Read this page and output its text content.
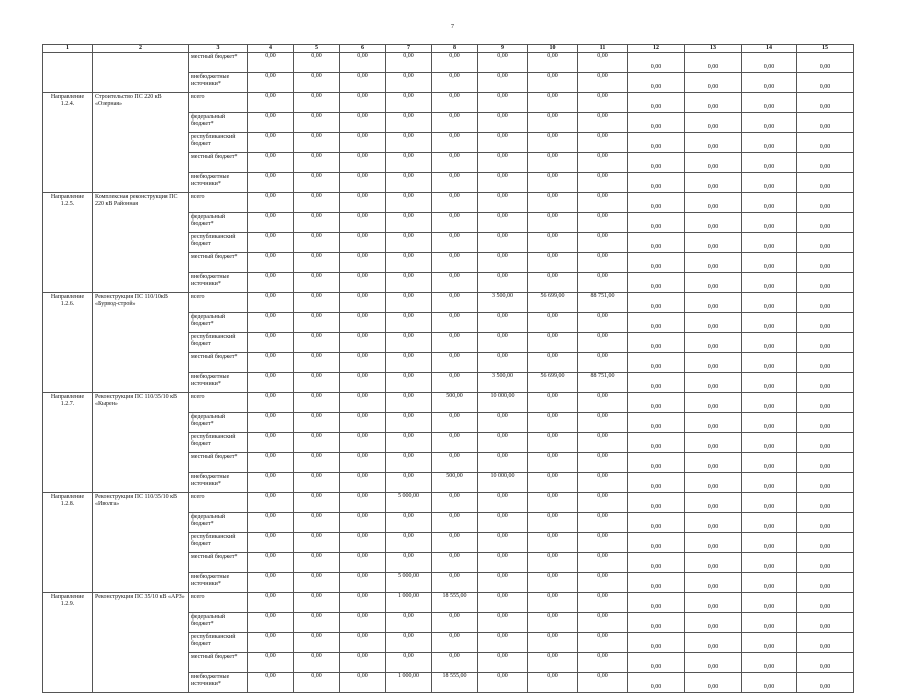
7
1	2	3	4	5	6	7	8	9	10	11	12	13	14	15
		местный бюджет*	0,00	0,00	0,00	0,00	0,00	0,00	0,00	0,00	0,00	0,00	0,00	0,00
		внебюджетные источники*	0,00	0,00	0,00	0,00	0,00	0,00	0,00	0,00	0,00	0,00	0,00	0,00
Направление 1.2.4.	Строительство ПС 220 кВ «Озерная»	всего	0,00	0,00	0,00	0,00	0,00	0,00	0,00	0,00	0,00	0,00	0,00	0,00
		федеральный бюджет*	0,00	0,00	0,00	0,00	0,00	0,00	0,00	0,00	0,00	0,00	0,00	0,00
		республиканский бюджет	0,00	0,00	0,00	0,00	0,00	0,00	0,00	0,00	0,00	0,00	0,00	0,00
		местный бюджет*	0,00	0,00	0,00	0,00	0,00	0,00	0,00	0,00	0,00	0,00	0,00	0,00
		внебюджетные источники*	0,00	0,00	0,00	0,00	0,00	0,00	0,00	0,00	0,00	0,00	0,00	0,00
Направление 1.2.5.	Комплексная реконструкция ПС 220 кВ Районная	всего	0,00	0,00	0,00	0,00	0,00	0,00	0,00	0,00	0,00	0,00	0,00	0,00
		федеральный бюджет*	0,00	0,00	0,00	0,00	0,00	0,00	0,00	0,00	0,00	0,00	0,00	0,00
		республиканский бюджет	0,00	0,00	0,00	0,00	0,00	0,00	0,00	0,00	0,00	0,00	0,00	0,00
		местный бюджет*	0,00	0,00	0,00	0,00	0,00	0,00	0,00	0,00	0,00	0,00	0,00	0,00
		внебюджетные источники*	0,00	0,00	0,00	0,00	0,00	0,00	0,00	0,00	0,00	0,00	0,00	0,00
Направление 1.2.6.	Реконструкция ПС 110/10кВ «Бурвод-строй»	всего	0,00	0,00	0,00	0,00	0,00	3 500,00	56 699,00	88 751,00	0,00	0,00	0,00	0,00
		федеральный бюджет*	0,00	0,00	0,00	0,00	0,00	0,00	0,00	0,00	0,00	0,00	0,00	0,00
		республиканский бюджет	0,00	0,00	0,00	0,00	0,00	0,00	0,00	0,00	0,00	0,00	0,00	0,00
		местный бюджет*	0,00	0,00	0,00	0,00	0,00	0,00	0,00	0,00	0,00	0,00	0,00	0,00
		внебюджетные источники*	0,00	0,00	0,00	0,00	0,00	3 500,00	56 699,00	88 751,00	0,00	0,00	0,00	0,00
Направление 1.2.7.	Реконструкция ПС 110/35/10 кВ «Кырен»	всего	0,00	0,00	0,00	0,00	500,00	10 000,00	0,00	0,00	0,00	0,00	0,00	0,00
		федеральный бюджет*	0,00	0,00	0,00	0,00	0,00	0,00	0,00	0,00	0,00	0,00	0,00	0,00
		республиканский бюджет	0,00	0,00	0,00	0,00	0,00	0,00	0,00	0,00	0,00	0,00	0,00	0,00
		местный бюджет*	0,00	0,00	0,00	0,00	0,00	0,00	0,00	0,00	0,00	0,00	0,00	0,00
		внебюджетные источники*	0,00	0,00	0,00	0,00	500,00	10 000,00	0,00	0,00	0,00	0,00	0,00	0,00
Направление 1.2.8.	Реконструкция ПС 110/35/10 кВ «Иволга»	всего	0,00	0,00	0,00	5 000,00	0,00	0,00	0,00	0,00	0,00	0,00	0,00	0,00
		федеральный бюджет*	0,00	0,00	0,00	0,00	0,00	0,00	0,00	0,00	0,00	0,00	0,00	0,00
		республиканский бюджет	0,00	0,00	0,00	0,00	0,00	0,00	0,00	0,00	0,00	0,00	0,00	0,00
		местный бюджет*	0,00	0,00	0,00	0,00	0,00	0,00	0,00	0,00	0,00	0,00	0,00	0,00
		внебюджетные источники*	0,00	0,00	0,00	5 000,00	0,00	0,00	0,00	0,00	0,00	0,00	0,00	0,00
Направление 1.2.9.	Реконструкция ПС 35/10 кВ «АРЗ»	всего	0,00	0,00	0,00	1 000,00	18 555,00	0,00	0,00	0,00	0,00	0,00	0,00	0,00
		федеральный бюджет*	0,00	0,00	0,00	0,00	0,00	0,00	0,00	0,00	0,00	0,00	0,00	0,00
		республиканский бюджет	0,00	0,00	0,00	0,00	0,00	0,00	0,00	0,00	0,00	0,00	0,00	0,00
		местный бюджет*	0,00	0,00	0,00	0,00	0,00	0,00	0,00	0,00	0,00	0,00	0,00	0,00
		внебюджетные источники*	0,00	0,00	0,00	1 000,00	18 555,00	0,00	0,00	0,00	0,00	0,00	0,00	0,00
